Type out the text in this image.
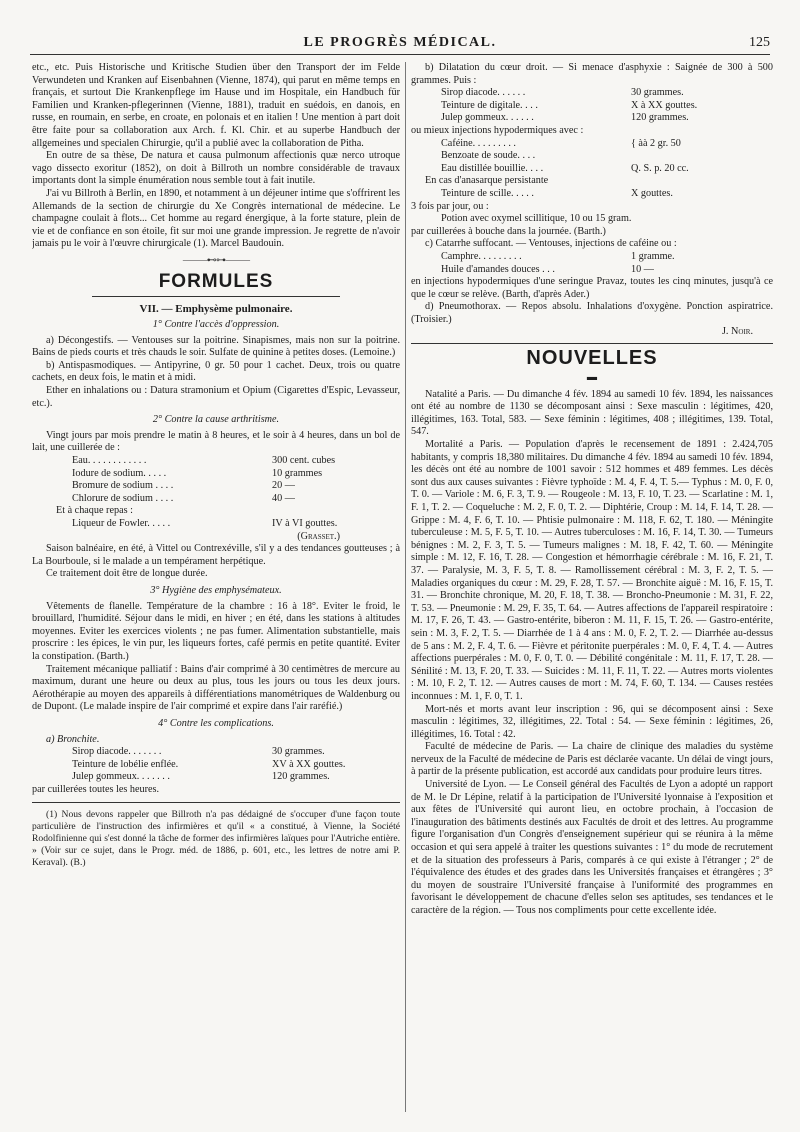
LE PROGRÈS MÉDICAL.	125

etc., etc. Puis Historische und Kritische Studien über den Transport der im Felde Verwundeten und Kranken auf Eisenbahnen (Vienne, 1874), qui parut en même temps en français, et surtout Die Krankenpflege im Hause und im Hospitale, ein Handbuch für Familien und Kranken-pflegerinnen (Vienne, 1881), traduit en suédois, en danois, en russe, en roumain, en serbe, en croate, en polonais et en italien ! Une mention à part doit être faite pour sa collaboration aux Arch. f. Kl. Chir. et au superbe Handbuch der allgemeines und specialen Chirurgie, qu'il a publié avec la collaboration de Pitha.

En outre de sa thèse, De natura et causa pulmonum affectionis quæ nerco utroque vago dissecto exoritur (1852), on doit à Billroth un nombre considérable de travaux importants dont la simple énumération nous semble tout à fait inutile.

J'ai vu Billroth à Berlin, en 1890, et notamment à un déjeuner intime que s'offrirent les Allemands de la section de chirurgie du Xe Congrès international de médecine. Le champagne coulait à flots... Cet homme au regard énergique, à la forte stature, plein de vie et de confiance en son étoile, fit sur moi une grande impression. Je regrette de n'avoir jamais pu le voir à l'œuvre chirurgicale (1). Marcel Baudouin.

⸻⊷⊶⸻
FORMULES
VII. — Emphysème pulmonaire.
1° Contre l'accès d'oppression.

a) Décongestifs. — Ventouses sur la poitrine. Sinapismes, mais non sur la poitrine. Bains de pieds courts et très chauds le soir. Sulfate de quinine à petites doses. (Lemoine.)

b) Antispasmodiques. — Antipyrine, 0 gr. 50 pour 1 cachet. Deux, trois ou quatre cachets, en deux fois, le matin et à midi.

Ether en inhalations ou : Datura stramonium et Opium (Cigarettes d'Espic, Levasseur, etc.).

2° Contre la cause arthritisme.

Vingt jours par mois prendre le matin à 8 heures, et le soir à 4 heures, dans un bol de lait, une cuillerée de :

Eau. . . . . . . . . . . .	300 cent. cubes
Iodure de sodium. . . . .	10 grammes
Bromure de sodium . . . .	20 —
Chlorure de sodium . . . .	40 —

Et à chaque repas :

Liqueur de Fowler. . . . .	IV à VI gouttes.

(Grasset.)

Saison balnéaire, en été, à Vittel ou Contrexéville, s'il y a des tendances goutteuses ; à La Bourboule, si le malade a un tempérament herpétique.

Ce traitement doit être de longue durée.

3° Hygiène des emphysémateux.

Vêtements de flanelle. Température de la chambre : 16 à 18°. Eviter le froid, le brouillard, l'humidité. Séjour dans le midi, en hiver ; en été, dans les stations à altitudes moyennes. Eviter les exercices violents ; ne pas fumer. Alimentation substantielle, mais proscrire : les épices, le vin pur, les liqueurs fortes, café permis en petite quantité. Eviter la constipation. (Barth.)

Traitement mécanique palliatif : Bains d'air comprimé à 30 centimètres de mercure au maximum, durant une heure ou deux au plus, tous les jours ou tous les deux jours. Aérothérapie au moyen des appareils à différentiations manométriques de Waldenburg ou de Dupont. (Le malade inspire de l'air comprimé et expire dans l'air raréfié.)

4° Contre les complications.

a) Bronchite.

Sirop diacode. . . . . . .	30 grammes.
Teinture de lobélie enflée.	XV à XX gouttes.
Julep gommeux. . . . . . .	120 grammes.

par cuillerées toutes les heures.

(1) Nous devons rappeler que Billroth n'a pas dédaigné de s'occuper d'une façon toute particulière de l'instruction des infirmières et qu'il « a constitué, à Vienne, la Société Rodolfinienne qui s'est donné la tâche de former des infirmières laïques pour l'Autriche entière. » (Voir sur ce sujet, dans le Progr. méd. de 1886, p. 601, etc., les lettres de notre ami P. Keraval). (B.)

b) Dilatation du cœur droit. — Si menace d'asphyxie : Saignée de 300 à 500 grammes. Puis :

Sirop diacode. . . . . .	30 grammes.
Teinture de digitale. . . .	X à XX gouttes.
Julep gommeux. . . . . .	120 grammes.

ou mieux injections hypodermiques avec :

Caféine. . . . . . . . .	{ àà 2 gr. 50
Benzoate de soude. . . .
Eau distillée bouillie. . . .	Q. S. p. 20 cc.

En cas d'anasarque persistante

Teinture de scille. . . . .	X gouttes.

3 fois par jour, ou :

Potion avec oxymel scillitique, 10 ou 15 gram.

par cuillerées à bouche dans la journée. (Barth.)

c) Catarrhe suffocant. — Ventouses, injections de caféine ou :

Camphre. . . . . . . . .	1 gramme.
Huile d'amandes douces . . .	10 —

en injections hypodermiques d'une seringue Pravaz, toutes les cinq minutes, jusqu'à ce que le cœur se relève. (Barth, d'après Ader.)

d) Pneumothorax. — Repos absolu. Inhalations d'oxygène. Ponction aspiratrice. (Troisier.)

J. Noir.

NOUVELLES
▬

Natalité a Paris. — Du dimanche 4 fév. 1894 au samedi 10 fév. 1894, les naissances ont été au nombre de 1130 se décomposant ainsi : Sexe masculin : légitimes, 420, illégitimes, 163. Total, 583. — Sexe féminin : légitimes, 408 ; illégitimes, 139. Total, 547.

Mortalité a Paris. — Population d'après le recensement de 1891 : 2.424,705 habitants, y compris 18,380 militaires. Du dimanche 4 fév. 1894 au samedi 10 fév. 1894, les décès ont été au nombre de 1001 savoir : 512 hommes et 489 femmes. Les décès sont dus aux causes suivantes : Fièvre typhoïde : M. 4, F. 4, T. 5.— Typhus : M. 0, F. 0, T. 0. — Variole : M. 6, F. 3, T. 9. — Rougeole : M. 13, F. 10, T. 23. — Scarlatine : M. 1, F. 1, T. 2. — Coqueluche : M. 2, F. 0, T. 2. — Diphtérie, Croup : M. 14, F. 14, T. 28. — Grippe : M. 4, F. 6, T. 10. — Phtisie pulmonaire : M. 118, F. 62, T. 180. — Méningite tuberculeuse : M. 5, F. 5, T. 10. — Autres tuberculoses : M. 16, F. 14, T. 30. — Tumeurs bénignes : M. 2, F. 3, T. 5. — Tumeurs malignes : M. 18, F. 42, T. 60. — Méningite simple : M. 12, F. 16, T. 28. — Congestion et hémorrhagie cérébrale : M. 16, F. 21, T. 37. — Paralysie, M. 3, F. 5, T. 8. — Ramollissement cérébral : M. 3, F. 2, T. 5. — Maladies organiques du cœur : M. 29, F. 28, T. 57. — Bronchite aiguë : M. 16, F. 15, T. 31. — Bronchite chronique, M. 20, F. 18, T. 38. — Broncho-Pneumonie : M. 31, F. 22, T. 53. — Pneumonie : M. 29, F. 35, T. 64. — Autres affections de l'appareil respiratoire : M. 17, F. 26, T. 43. — Gastro-entérite, biberon : M. 11, F. 15, T. 26. — Gastro-entérite, sein : M. 3, F. 2, T. 5. — Diarrhée de 1 à 4 ans : M. 0, F. 2, T. 2. — Diarrhée au-dessus de 5 ans : M. 2, F. 4, T. 6. — Fièvre et péritonite puerpérales : M. 0, F. 4, T. 4. — Autres affections puerpérales : M. 0, F. 0, T. 0. — Débilité congénitale : M. 11, F. 17, T. 28. — Sénilité : M. 13, F. 20, T. 33. — Suicides : M. 11, F. 11, T. 22. — Autres morts violentes : M. 10, F. 2, T. 12. — Autres causes de mort : M. 74, F. 60, T. 134. — Causes restées inconnues : M. 1, F. 0, T. 1.

Mort-nés et morts avant leur inscription : 96, qui se décomposent ainsi : Sexe masculin : légitimes, 32, illégitimes, 22. Total : 54. — Sexe féminin : légitimes, 26, illégitimes, 16. Total : 42.

Faculté de médecine de Paris. — La chaire de clinique des maladies du système nerveux de la Faculté de médecine de Paris est déclarée vacante. Un délai de vingt jours, à partir de la présente publication, est accordé aux candidats pour produire leurs titres.

Université de Lyon. — Le Conseil général des Facultés de Lyon a adopté un rapport de M. le Dr Lépine, relatif à la participation de l'Université lyonnaise à l'exposition et aux fêtes de l'Université qui auront lieu, en octobre prochain, à l'occasion de l'inauguration des bâtiments destinés aux Facultés de droit et des lettres. Au programme figure l'organisation d'un Congrès d'enseignement supérieur qui se réunira à la même occasion et qui sera appelé à traiter les questions suivantes : 1° du mode de recrutement et de la situation des professeurs à Paris, comparés à ce qui existe à l'étranger ; 2° de l'équivalence des études et des grades dans les Universités françaises et étrangères ; 3° du moyen de soustraire l'Université française à l'uniformité des programmes en favorisant le développement de chacune d'elles selon ses aptitudes, ses tendances et le caractère de la région. — Tous nos compliments pour cette excellente idée.
